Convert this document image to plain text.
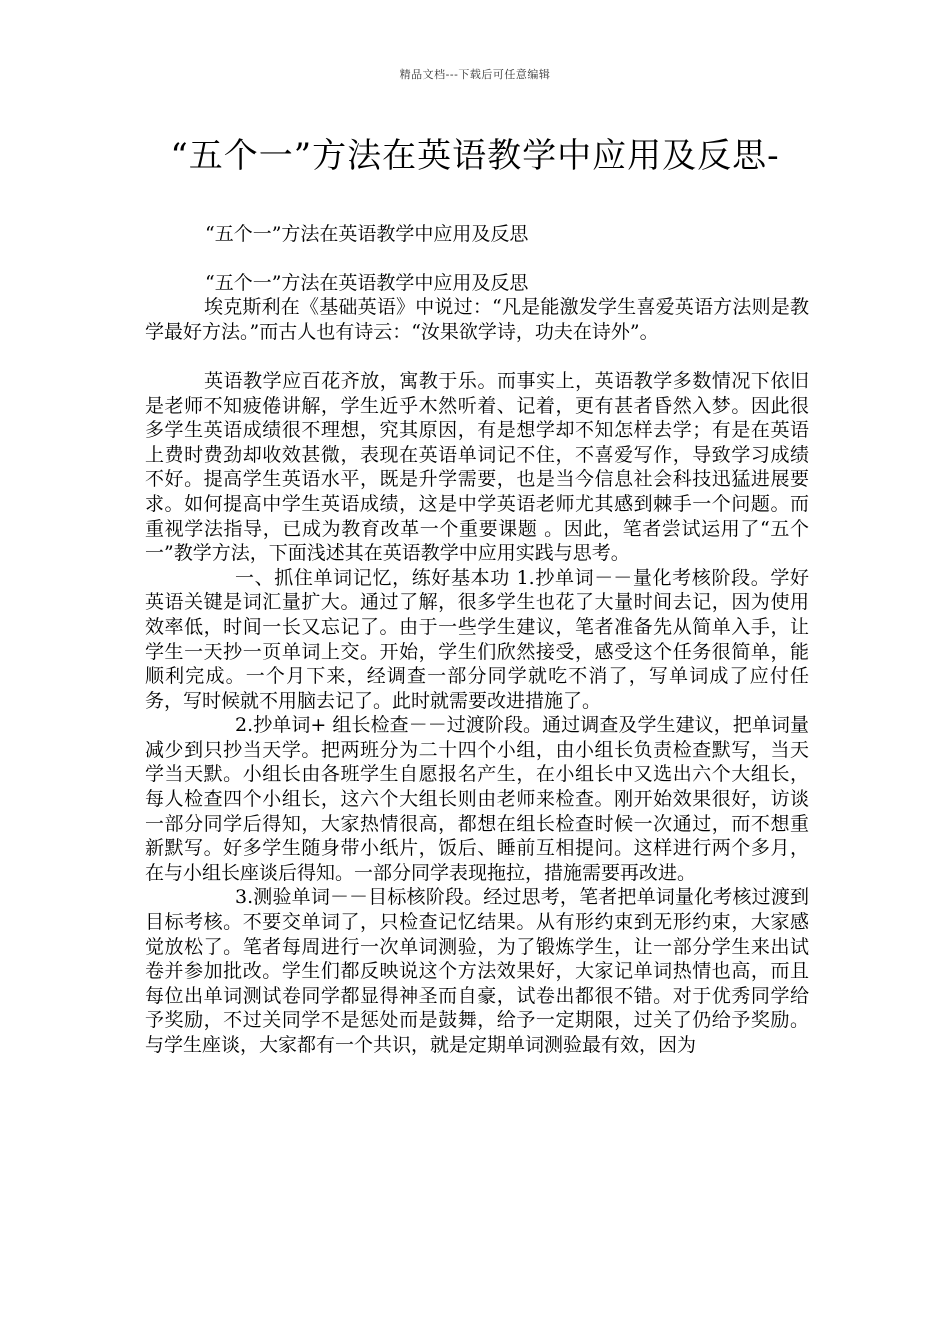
精品文档---下载后可任意编辑
“五个一”方法在英语教学中应用及反思-
“五个一”方法在英语教学中应用及反思
“五个一”方法在英语教学中应用及反思

埃克斯利在《基础英语》中说过：“凡是能激发学生喜爱英语方法则是教学最好方法。”而古人也有诗云：“汝果欲学诗，功夫在诗外”。

英语教学应百花齐放，寓教于乐。而事实上，英语教学多数情况下依旧是老师不知疲倦讲解，学生近乎木然听着、记着，更有甚者昏然入梦。因此很多学生英语成绩很不理想，究其原因，有是想学却不知怎样去学；有是在英语上费时费劲却收效甚微，表现在英语单词记不住，不喜爱写作，导致学习成绩不好。提高学生英语水平，既是升学需要，也是当今信息社会科技迅猛进展要求。如何提高中学生英语成绩，这是中学英语老师尤其感到棘手一个问题。而重视学法指导，已成为教育改革一个重要课题 。因此，笔者尝试运用了“五个一”教学方法，下面浅述其在英语教学中应用实践与思考。

一、抓住单词记忆，练好基本功 1.抄单词－－量化考核阶段。学好英语关键是词汇量扩大。通过了解，很多学生也花了大量时间去记，因为使用效率低，时间一长又忘记了。由于一些学生建议，笔者准备先从简单入手，让学生一天抄一页单词上交。开始，学生们欣然接受，感受这个任务很简单，能顺利完成。一个月下来，经调查一部分同学就吃不消了，写单词成了应付任务，写时候就不用脑去记了。此时就需要改进措施了。

2.抄单词+ 组长检查－－过渡阶段。通过调查及学生建议，把单词量减少到只抄当天学。把两班分为二十四个小组，由小组长负责检查默写，当天学当天默。小组长由各班学生自愿报名产生，在小组长中又选出六个大组长，每人检查四个小组长，这六个大组长则由老师来检查。刚开始效果很好，访谈一部分同学后得知，大家热情很高，都想在组长检查时候一次通过，而不想重新默写。好多学生随身带小纸片，饭后、睡前互相提问。这样进行两个多月，在与小组长座谈后得知。一部分同学表现拖拉，措施需要再改进。

3.测验单词－－目标核阶段。经过思考，笔者把单词量化考核过渡到目标考核。不要交单词了，只检查记忆结果。从有形约束到无形约束，大家感觉放松了。笔者每周进行一次单词测验，为了锻炼学生，让一部分学生来出试卷并参加批改。学生们都反映说这个方法效果好，大家记单词热情也高，而且每位出单词测试卷同学都显得神圣而自豪，试卷出都很不错。对于优秀同学给予奖励，不过关同学不是惩处而是鼓舞，给予一定期限，过关了仍给予奖励。与学生座谈，大家都有一个共识，就是定期单词测验最有效，因为
